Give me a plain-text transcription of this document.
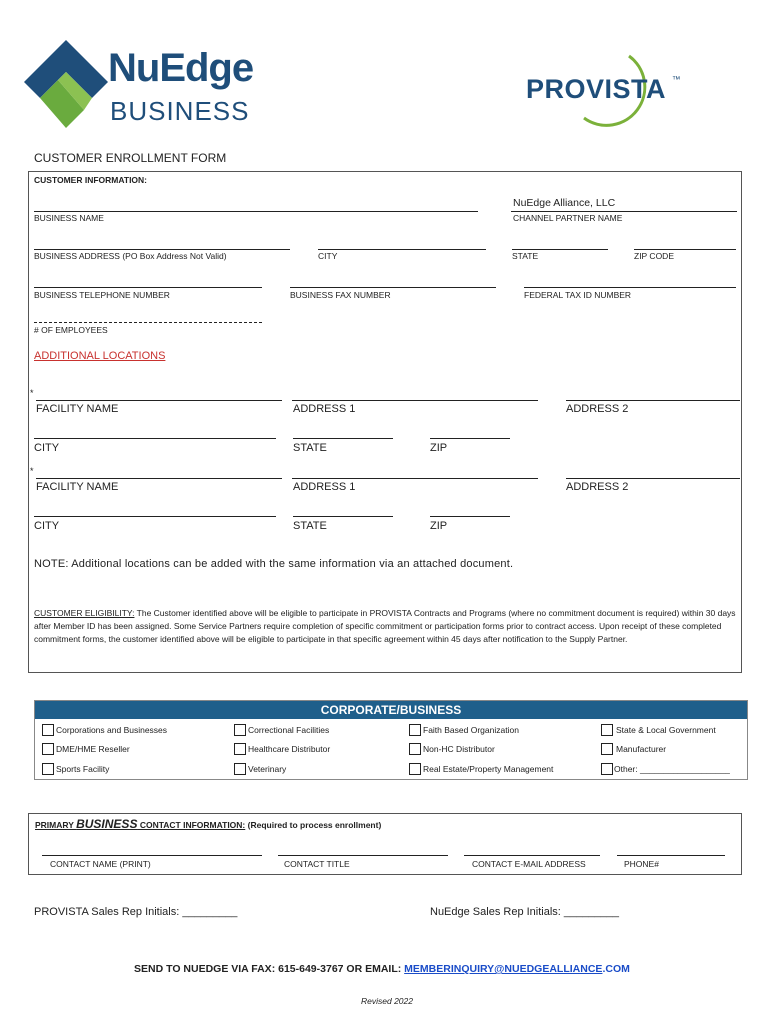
NuEdge
BUSINESS
PROVISTA ™
CUSTOMER ENROLLMENT FORM
CUSTOMER INFORMATION:
NuEdge Alliance, LLC
BUSINESS NAME	CHANNEL PARTNER NAME
BUSINESS ADDRESS (PO Box Address Not Valid)	CITY	STATE	ZIP CODE
BUSINESS TELEPHONE NUMBER	BUSINESS FAX NUMBER	FEDERAL TAX ID NUMBER
# OF EMPLOYEES
ADDITIONAL LOCATIONS
*
FACILITY NAME	ADDRESS 1	ADDRESS 2
CITY	STATE	ZIP
*
FACILITY NAME	ADDRESS 1	ADDRESS 2
CITY	STATE	ZIP
NOTE: Additional locations can be added with the same information via an attached document.
CUSTOMER ELIGIBILITY: The Customer identified above will be eligible to participate in PROVISTA Contracts and Programs (where no commitment document is required) within 30 days after Member ID has been assigned. Some Service Partners require completion of specific commitment or participation forms prior to contract access. Upon receipt of these completed commitment forms, the customer identified above will be eligible to participate in that specific agreement within 45 days after notification to the Supply Partner.
CORPORATE/BUSINESS
Corporations and Businesses	Correctional Facilities	Faith Based Organization	State & Local Government
DME/HME Reseller	Healthcare Distributor	Non-HC Distributor	Manufacturer
Sports Facility	Veterinary	Real Estate/Property Management	Other: ___________________
PRIMARY BUSINESS CONTACT INFORMATION: (Required to process enrollment)
CONTACT NAME (PRINT)	CONTACT TITLE	CONTACT E-MAIL ADDRESS	PHONE#
PROVISTA Sales Rep Initials: _________	NuEdge Sales Rep Initials: _________
SEND TO NUEDGE VIA FAX: 615-649-3767 OR EMAIL: MEMBERINQUIRY@NUEDGEALLIANCE.COM
Revised 2022
